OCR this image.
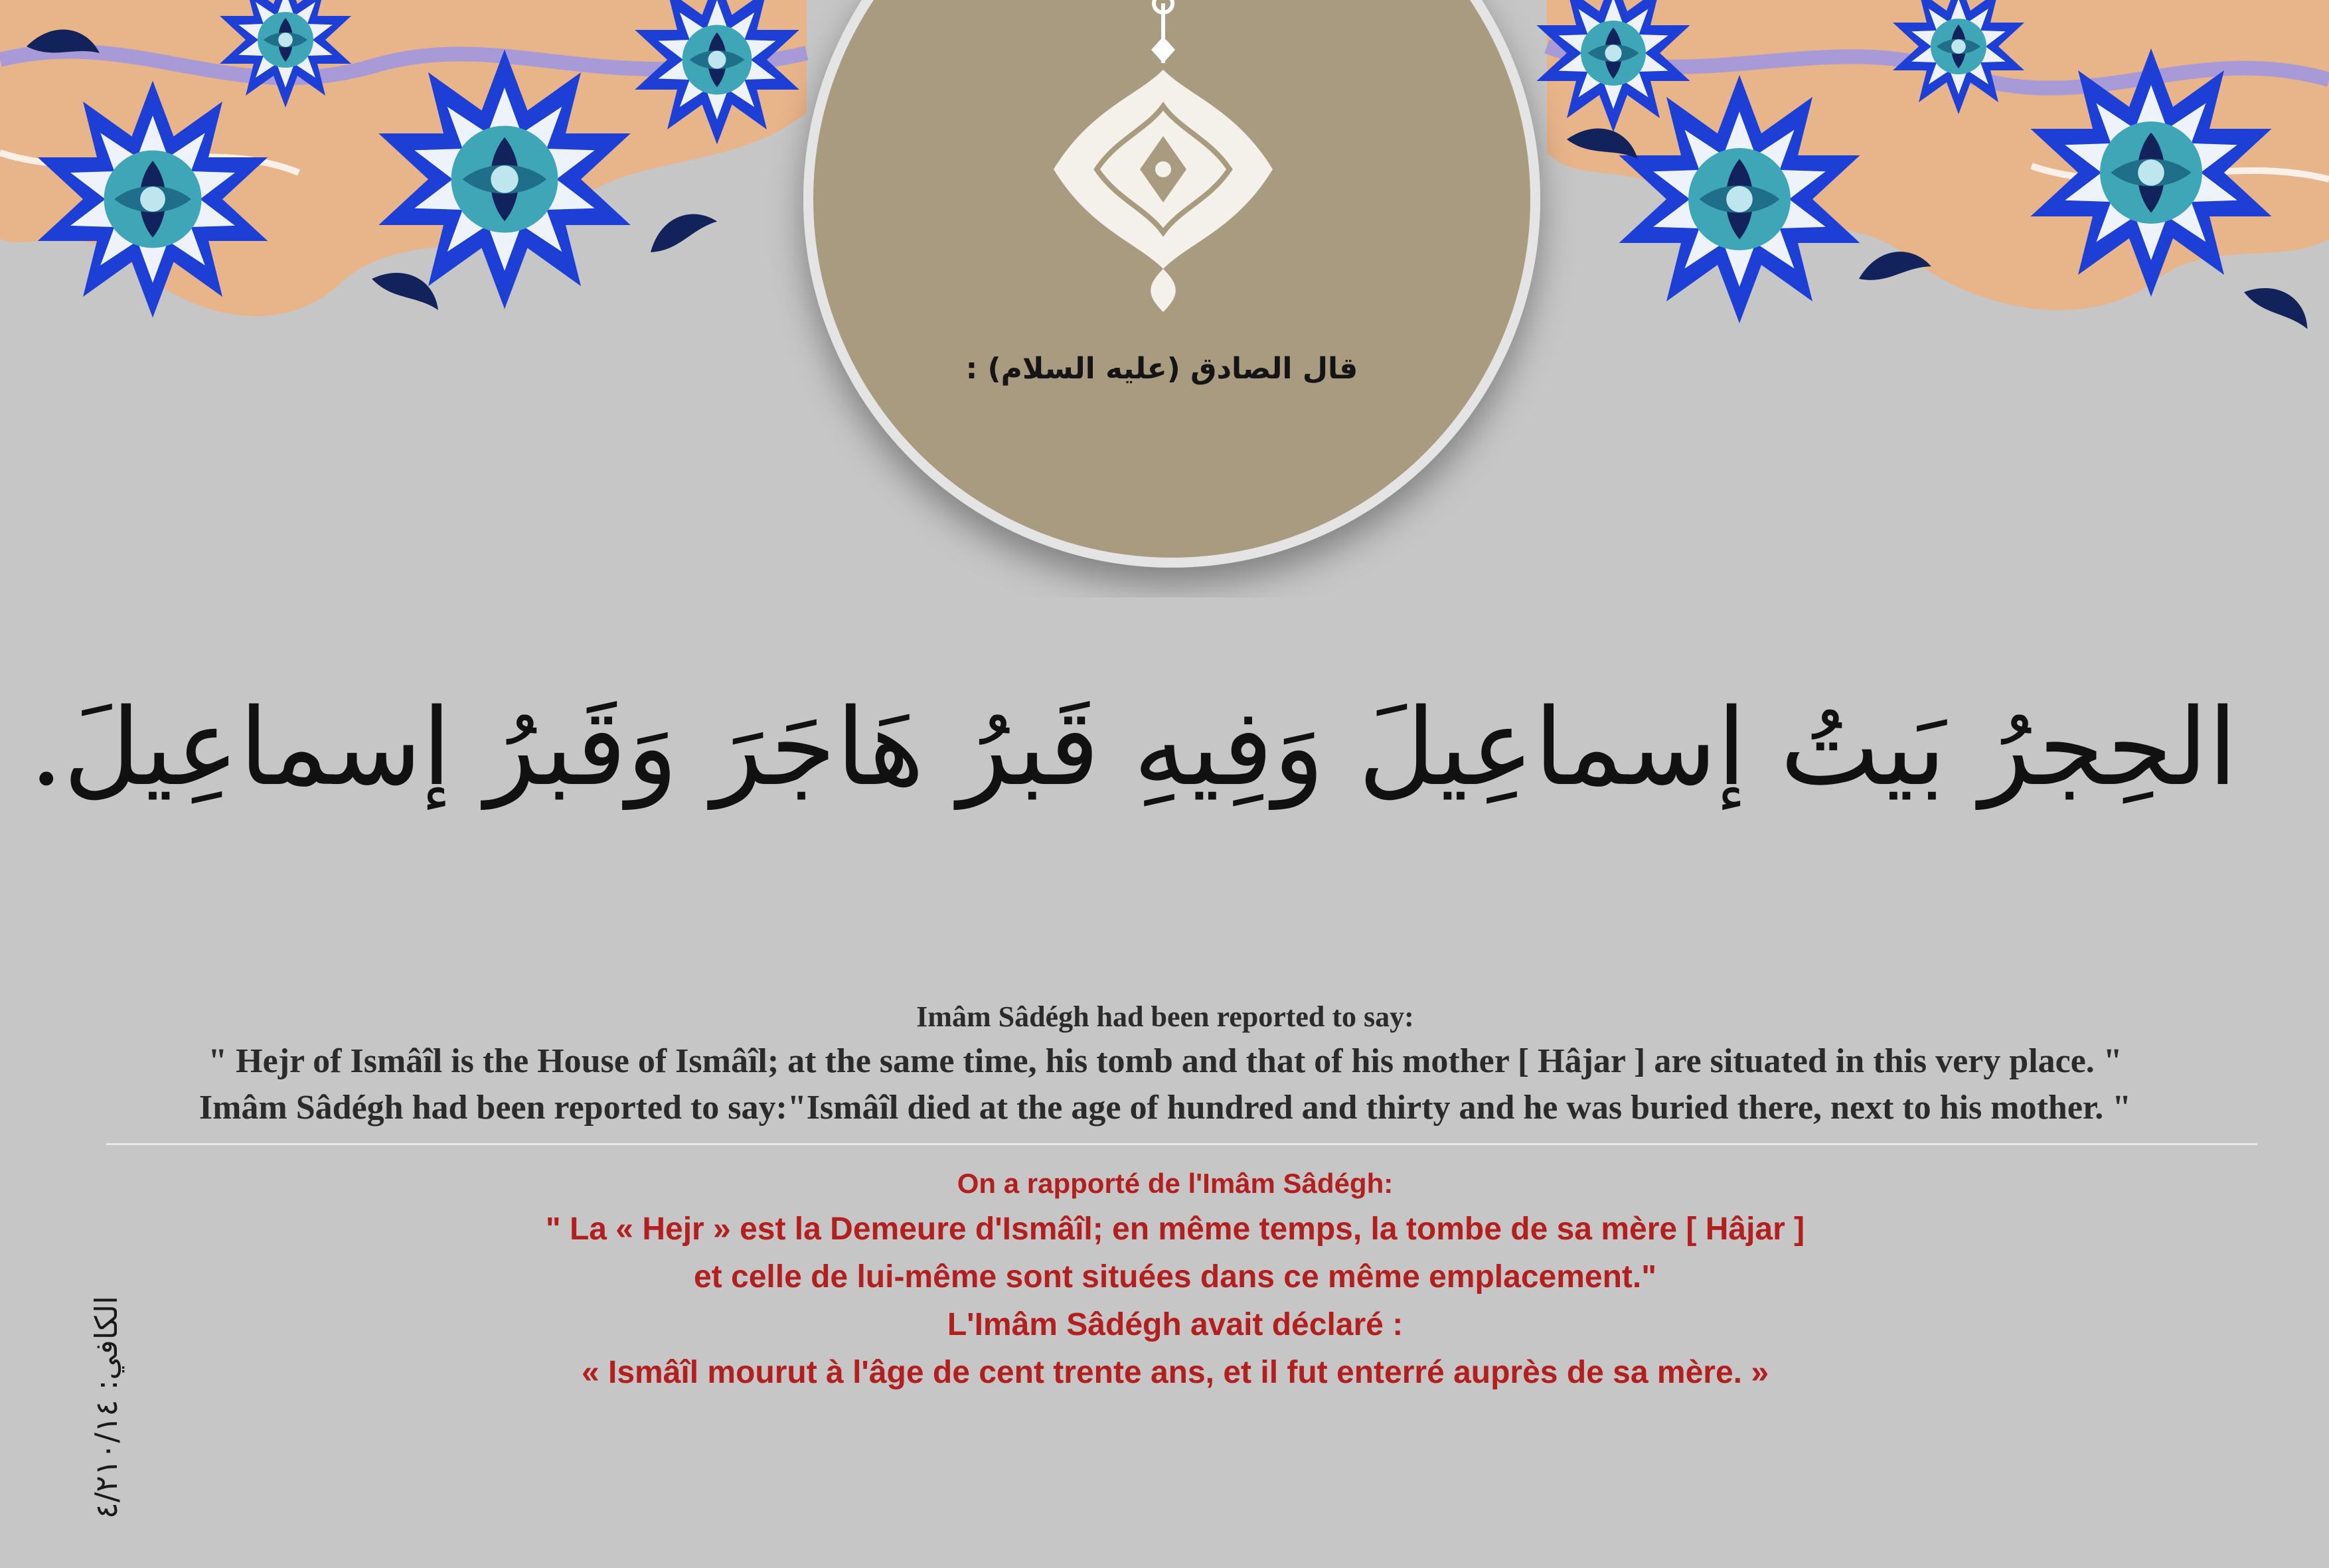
قال الصادق (عليه السلام) :
الحِجرُ بَيتُ إسماعِيلَ وَفِيهِ قَبرُ هَاجَرَ وَقَبرُ إسماعِيلَ.
Imâm Sâdégh had been reported to say:
" Hejr of Ismâîl is the House of Ismâîl; at the same time, his tomb and that of his mother [ Hâjar ] are situated in this very place. "
Imâm Sâdégh had been reported to say:"Ismâîl died at the age of hundred and thirty and he was buried there, next to his mother. "
On a rapporté de l'Imâm Sâdégh:
" La « Hejr » est la Demeure d'Ismâîl; en même temps, la tombe de sa mère [ Hâjar ]
et celle de lui-même sont situées dans ce même emplacement."
L'Imâm Sâdégh avait déclaré :
« Ismâîl mourut à l'âge de cent trente ans, et il fut enterré auprès de sa mère. »
الكافي: ٤/٢١٠/١٤
